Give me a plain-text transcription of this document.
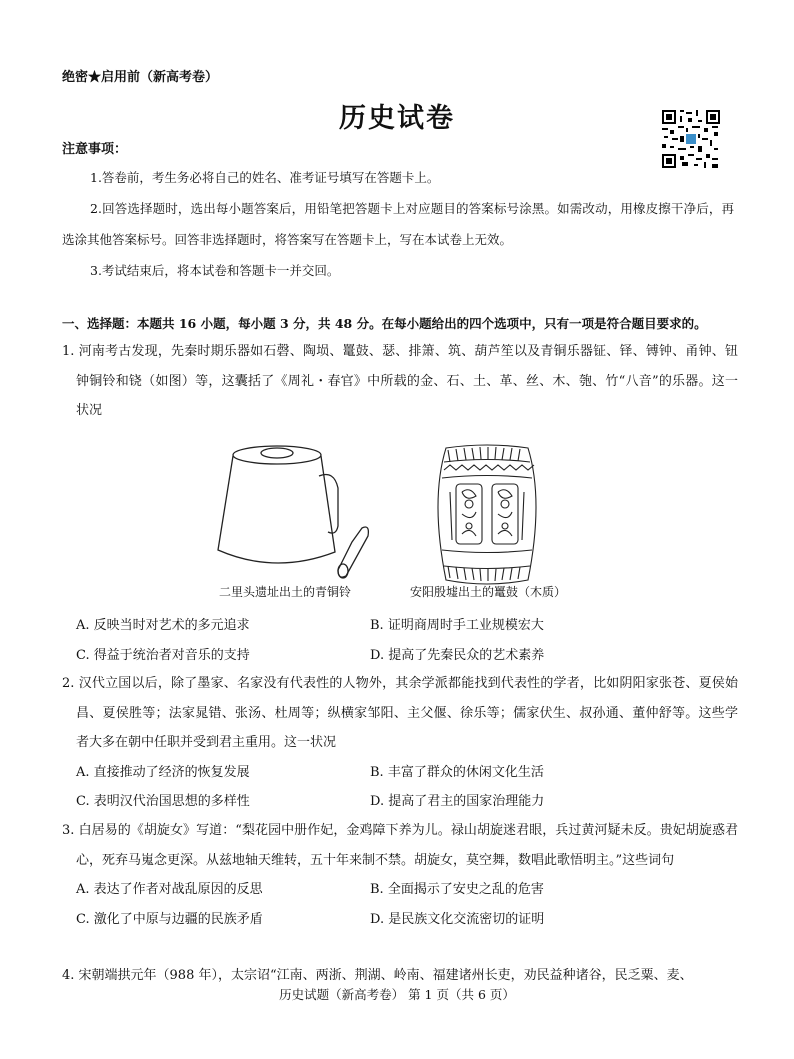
绝密★启用前（新高考卷）
历史试卷
注意事项：

1.答卷前，考生务必将自己的姓名、准考证号填写在答题卡上。

2.回答选择题时，选出每小题答案后，用铅笔把答题卡上对应题目的答案标号涂黑。如需改动，用橡皮擦干净后，再选涂其他答案标号。回答非选择题时，将答案写在答题卡上，写在本试卷上无效。

3.考试结束后，将本试卷和答题卡一并交回。

一、选择题：本题共 16 小题，每小题 3 分，共 48 分。在每小题给出的四个选项中，只有一项是符合题目要求的。
1. 河南考古发现，先秦时期乐器如石磬、陶埙、鼍鼓、瑟、排箫、筑、葫芦笙以及青铜乐器钲、铎、镈钟、甬钟、钮钟铜铃和铙（如图）等，这囊括了《周礼・春官》中所载的金、石、土、革、丝、木、匏、竹“八音”的乐器。这一状况
二里头遗址出土的青铜铃	安阳殷墟出土的鼍鼓（木质）
A. 反映当时对艺术的多元追求	B. 证明商周时手工业规模宏大
C. 得益于统治者对音乐的支持	D. 提高了先秦民众的艺术素养
2. 汉代立国以后，除了墨家、名家没有代表性的人物外，其余学派都能找到代表性的学者，比如阴阳家张苍、夏侯始昌、夏侯胜等；法家晁错、张汤、杜周等；纵横家邹阳、主父偃、徐乐等；儒家伏生、叔孙通、董仲舒等。这些学者大多在朝中任职并受到君主重用。这一状况
A. 直接推动了经济的恢复发展	B. 丰富了群众的休闲文化生活
C. 表明汉代治国思想的多样性	D. 提高了君主的国家治理能力
3. 白居易的《胡旋女》写道：“梨花园中册作妃，金鸡障下养为儿。禄山胡旋迷君眼，兵过黄河疑未反。贵妃胡旋惑君心，死弃马嵬念更深。从兹地轴天维转，五十年来制不禁。胡旋女，莫空舞，数唱此歌悟明主。”这些词句
A. 表达了作者对战乱原因的反思	B. 全面揭示了安史之乱的危害
C. 激化了中原与边疆的民族矛盾	D. 是民族文化交流密切的证明
4. 宋朝端拱元年（988 年），太宗诏“江南、两浙、荆湖、岭南、福建诸州长吏，劝民益种诸谷，民乏粟、麦、
历史试题（新高考卷） 第 1 页（共 6 页）
